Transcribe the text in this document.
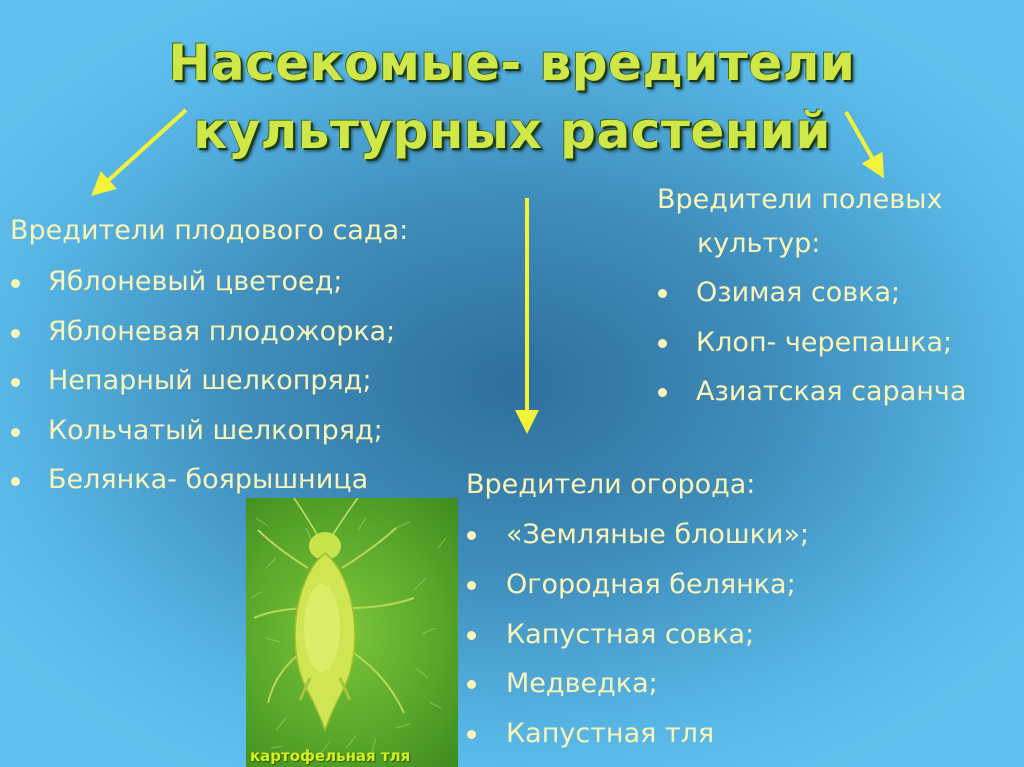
Насекомые- вредители
культурных растений
Вредители плодового сада:
Яблоневый цветоед;
Яблоневая плодожорка;
Непарный шелкопряд;
Кольчатый шелкопряд;
Белянка- боярышница
Вредители полевых
культур:
Озимая совка;
Клоп- черепашка;
Азиатская саранча
Вредители огорода:
«Земляные блошки»;
Огородная белянка;
Капустная совка;
Медведка;
Капустная тля
картофельная тля
